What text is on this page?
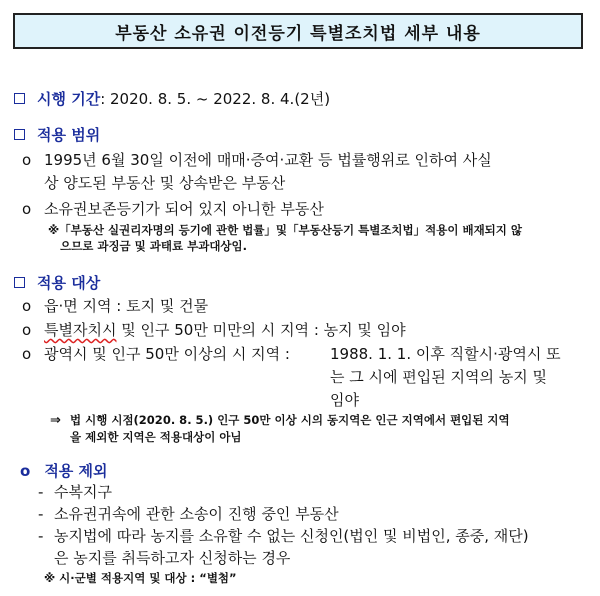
부동산 소유권 이전등기 특별조치법 세부 내용
시행 기간 : 2020. 8. 5. ~ 2022. 8. 4.(2년)
적용 범위
o 1995년 6월 30일 이전에 매매·증여·교환 등 법률행위로 인하여 사실
상 양도된 부동산 및 상속받은 부동산
o 소유권보존등기가 되어 있지 아니한 부동산
※「부동산 실권리자명의 등기에 관한 법률」및「부동산등기 특별조치법」적용이 배재되지 않
으므로 과징금 및 과태료 부과대상임.
적용 대상
o 읍·면 지역 : 토지 및 건물
o 특별자치시 및 인구 50만 미만의 시 지역 : 농지 및 임야
o 광역시 및 인구 50만 이상의 시 지역 :	1988. 1. 1. 이후 직할시·광역시 또
는 그 시에 편입된 지역의 농지 및
임야
⇒ 법 시행 시점(2020. 8. 5.) 인구 50만 이상 시의 동지역은 인근 지역에서 편입된 지역
을 제외한 지역은 적용대상이 아님
o 적용 제외
- 수복지구
- 소유권귀속에 관한 소송이 진행 중인 부동산
- 농지법에 따라 농지를 소유할 수 없는 신청인(법인 및 비법인, 종중, 재단)
은 농지를 취득하고자 신청하는 경우
※ 시·군별 적용지역 및 대상 : “별첨”
